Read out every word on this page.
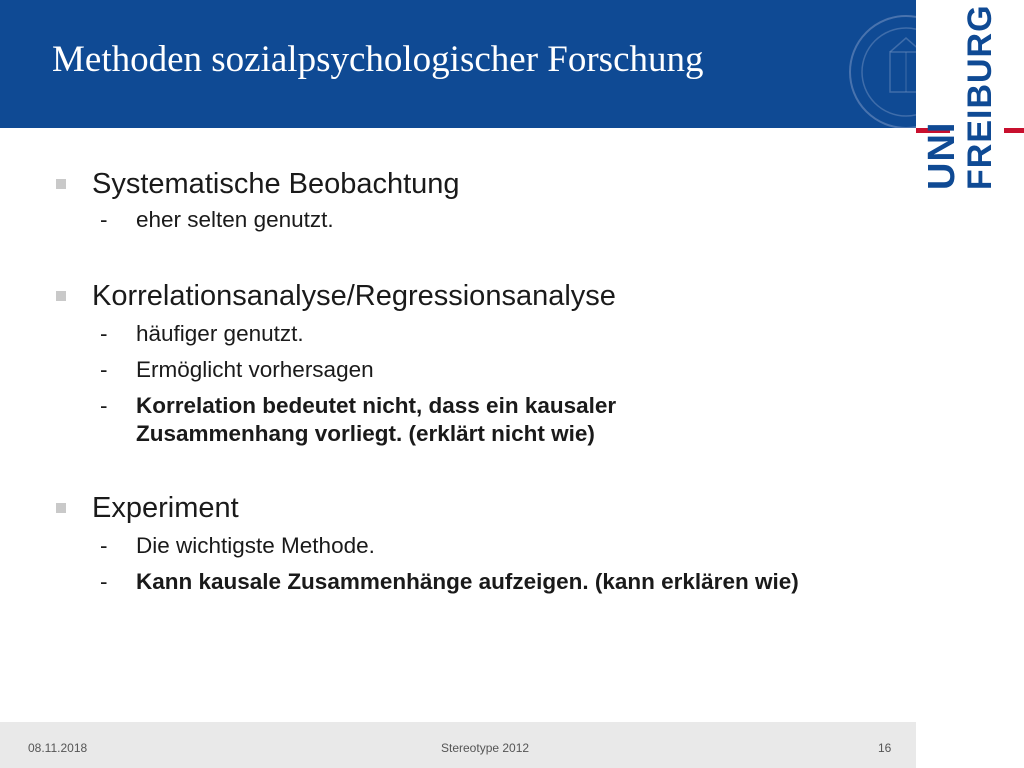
Methoden sozialpsychologischer Forschung
UNI
FREIBURG
Systematische Beobachtung
- eher selten genutzt.
Korrelationsanalyse/Regressionsanalyse
- häufiger genutzt.
- Ermöglicht vorhersagen
- Korrelation bedeutet nicht, dass ein kausaler Zusammenhang vorliegt. (erklärt nicht wie)
Experiment
- Die wichtigste Methode.
- Kann kausale Zusammenhänge aufzeigen. (kann erklären wie)
08.11.2018	Stereotype 2012	16
